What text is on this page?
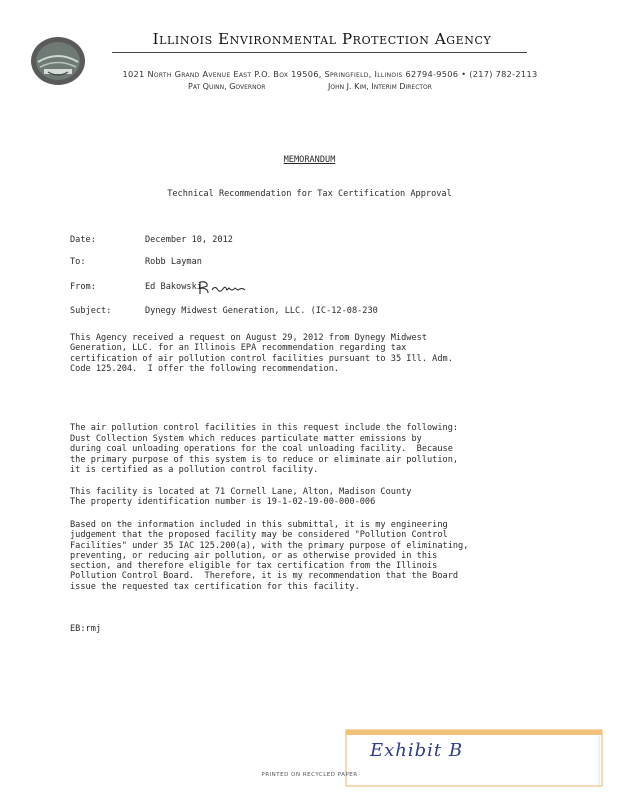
Illinois Environmental Protection Agency
1021 North Grand Avenue East P.O. Box 19506, Springfield, Illinois 62794-9506 • (217) 782-2113
Pat Quinn, Governor	John J. Kim, Interim Director
MEMORANDUM
Technical Recommendation for Tax Certification Approval
Date:	December 10, 2012
To:	Robb Layman
From:	Ed Bakowski
Subject:	Dynegy Midwest Generation, LLC. (IC-12-08-230
This Agency received a request on August 29, 2012 from Dynegy Midwest
Generation, LLC. for an Illinois EPA recommendation regarding tax
certification of air pollution control facilities pursuant to 35 Ill. Adm.
Code 125.204.  I offer the following recommendation.
The air pollution control facilities in this request include the following:
Dust Collection System which reduces particulate matter emissions by
during coal unloading operations for the coal unloading facility.  Because
the primary purpose of this system is to reduce or eliminate air pollution,
it is certified as a pollution control facility.
This facility is located at 71 Cornell Lane, Alton, Madison County
The property identification number is 19-1-02-19-00-000-006
Based on the information included in this submittal, it is my engineering
judgement that the proposed facility may be considered "Pollution Control
Facilities" under 35 IAC 125.200(a), with the primary purpose of eliminating,
preventing, or reducing air pollution, or as otherwise provided in this
section, and therefore eligible for tax certification from the Illinois
Pollution Control Board.  Therefore, it is my recommendation that the Board
issue the requested tax certification for this facility.
EB:rmj
Exhibit B
PRINTED ON RECYCLED PAPER
